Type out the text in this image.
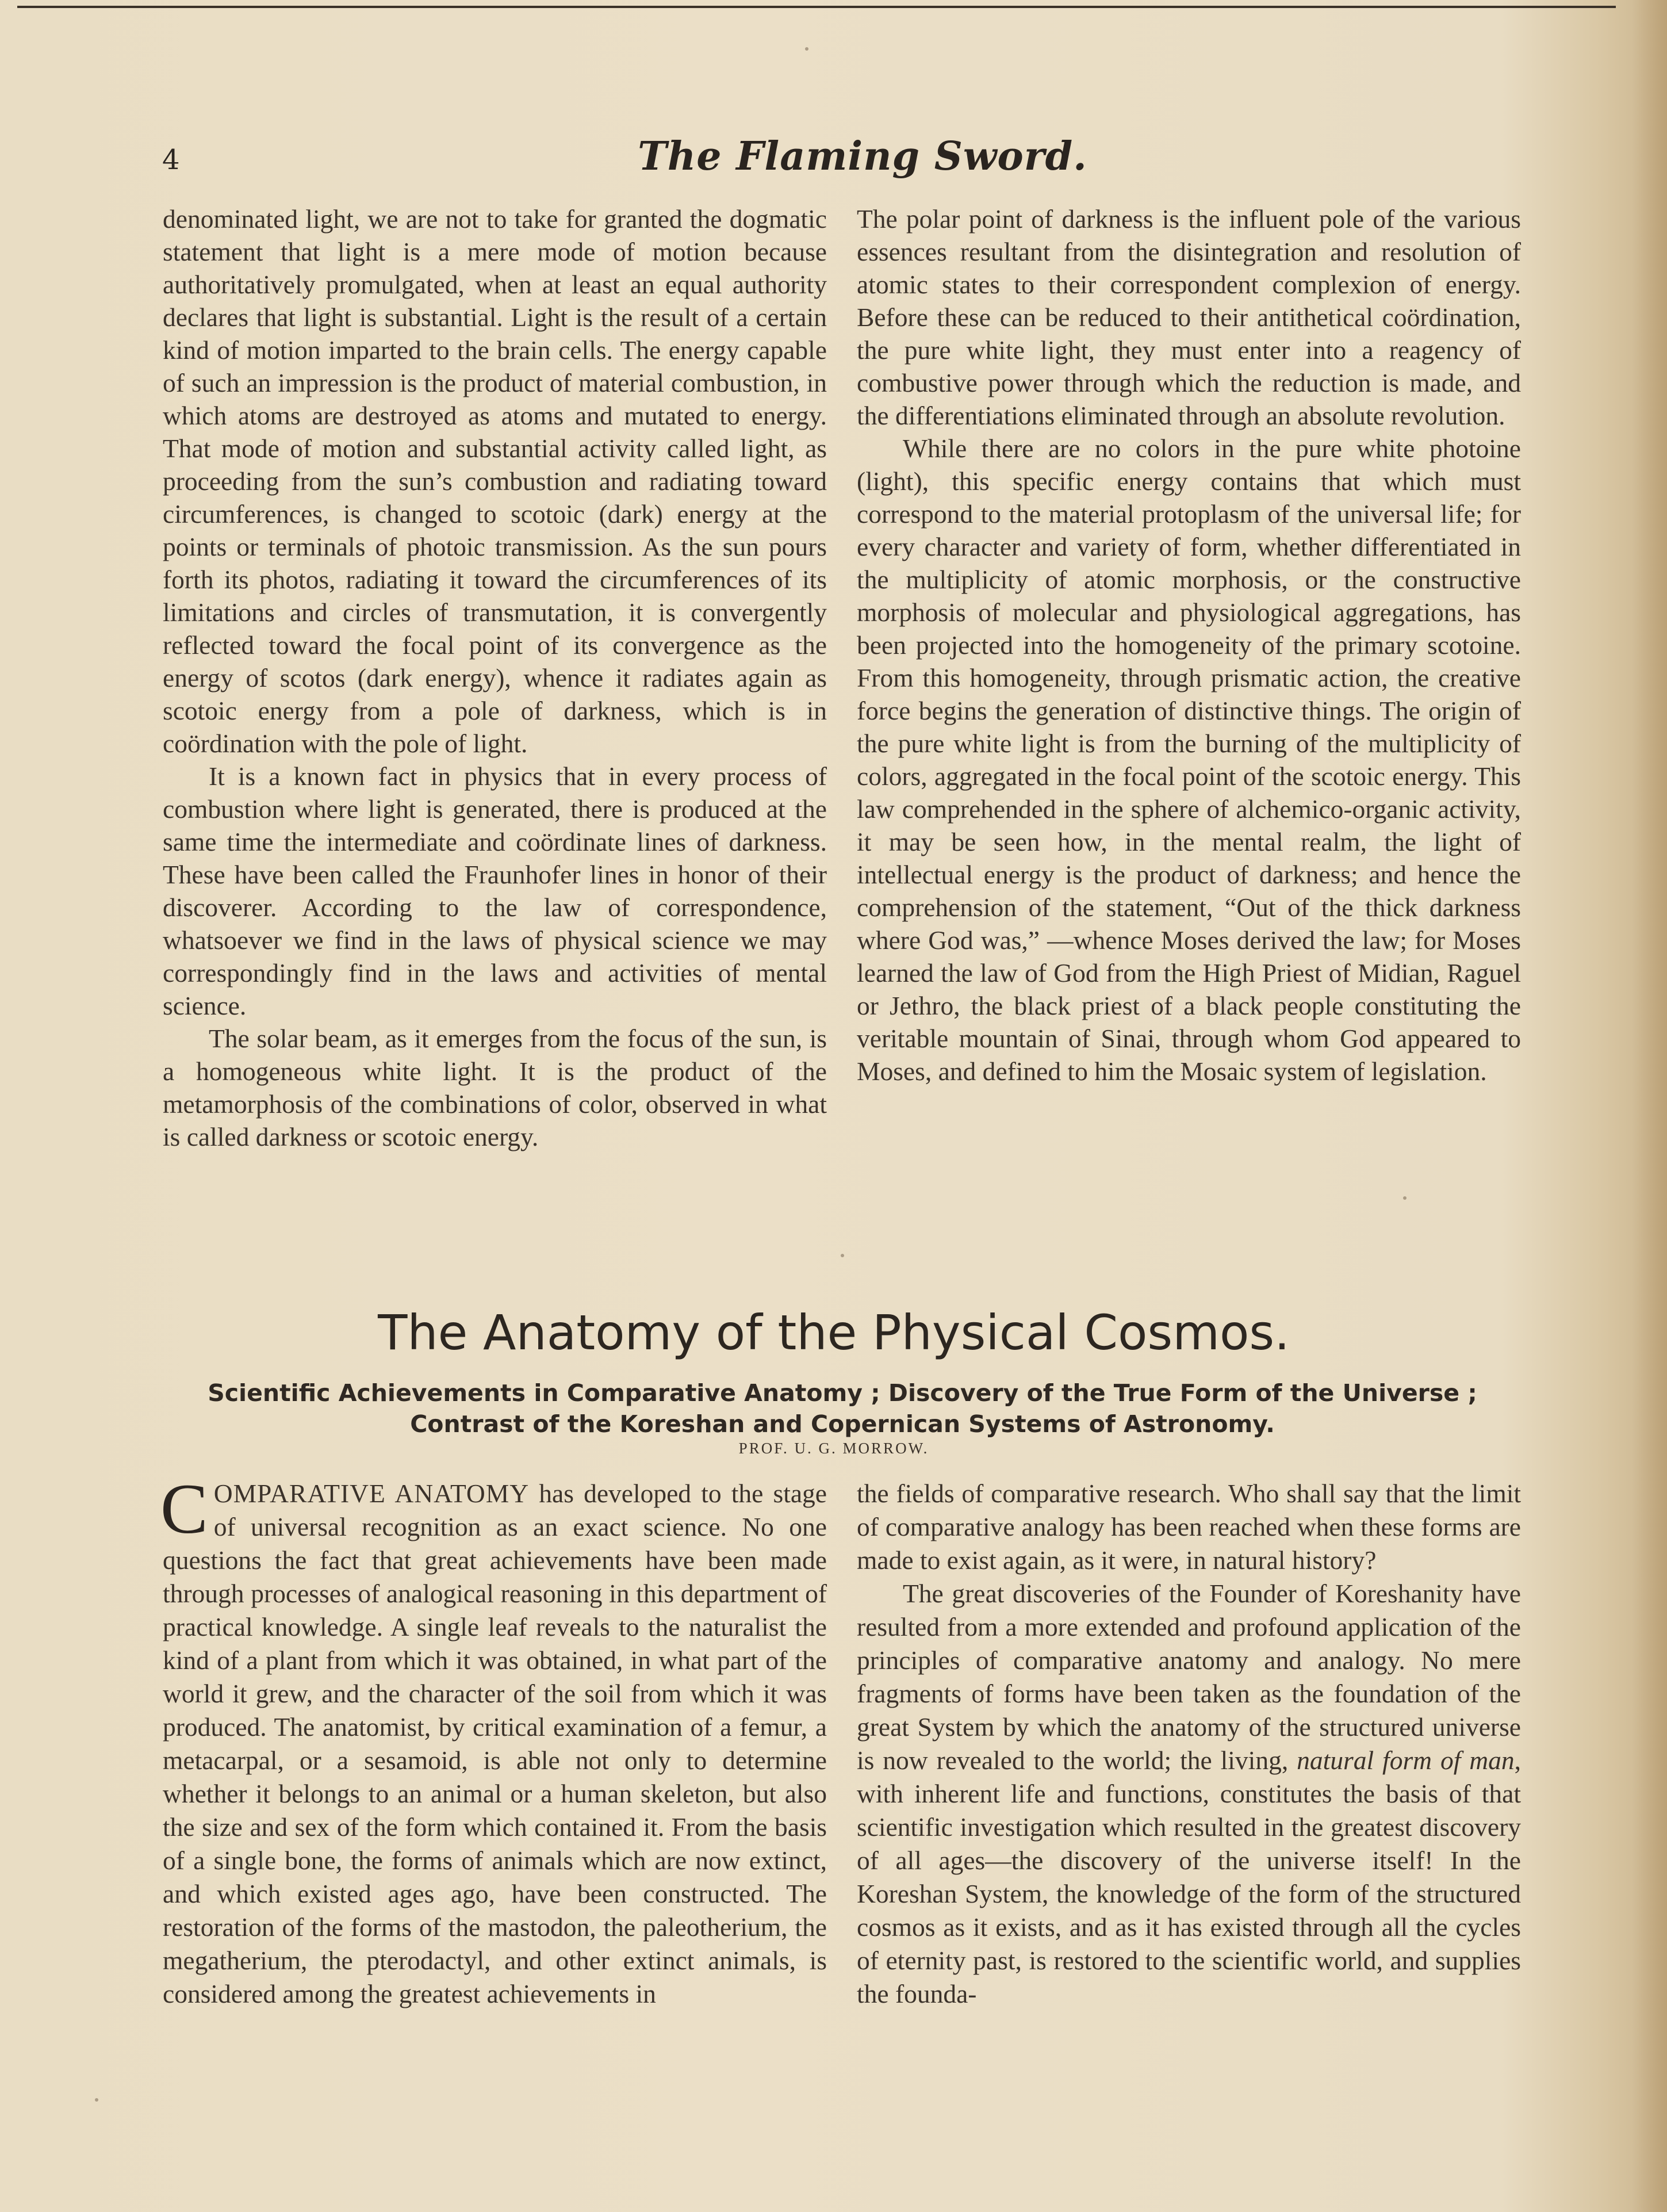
4	The Flaming Sword.

denominated light, we are not to take for granted the dogmatic statement that light is a mere mode of motion because authoritatively promulgated, when at least an equal authority declares that light is substantial. Light is the result of a certain kind of motion imparted to the brain cells. The energy capable of such an impression is the product of material combustion, in which atoms are destroyed as atoms and mutated to energy. That mode of motion and substantial activity called light, as proceeding from the sun’s combustion and radiating toward circumferences, is changed to scotoic (dark) energy at the points or terminals of photoic transmission. As the sun pours forth its photos, radiating it toward the circumferences of its limitations and circles of transmutation, it is convergently reflected toward the focal point of its convergence as the energy of scotos (dark energy), whence it radiates again as scotoic energy from a pole of darkness, which is in coördination with the pole of light.

It is a known fact in physics that in every process of combustion where light is generated, there is produced at the same time the intermediate and coördinate lines of darkness. These have been called the Fraunhofer lines in honor of their discoverer. According to the law of correspondence, whatsoever we find in the laws of physical science we may correspondingly find in the laws and activities of mental science.

The solar beam, as it emerges from the focus of the sun, is a homogeneous white light. It is the product of the metamorphosis of the combinations of color, observed in what is called darkness or scotoic energy.

The polar point of darkness is the influent pole of the various essences resultant from the disintegration and resolution of atomic states to their correspondent complexion of energy. Before these can be reduced to their antithetical coördination, the pure white light, they must enter into a reagency of combustive power through which the reduction is made, and the differentiations eliminated through an absolute revolution.

While there are no colors in the pure white photoine (light), this specific energy contains that which must correspond to the material protoplasm of the universal life; for every character and variety of form, whether differentiated in the multiplicity of atomic morphosis, or the constructive morphosis of molecular and physiological aggregations, has been projected into the homogeneity of the primary scotoine. From this homogeneity, through prismatic action, the creative force begins the generation of distinctive things. The origin of the pure white light is from the burning of the multiplicity of colors, aggregated in the focal point of the scotoic energy. This law comprehended in the sphere of alchemico-organic activity, it may be seen how, in the mental realm, the light of intellectual energy is the product of darkness; and hence the comprehension of the statement, “Out of the thick darkness where God was,” —whence Moses derived the law; for Moses learned the law of God from the High Priest of Midian, Raguel or Jethro, the black priest of a black people constituting the veritable mountain of Sinai, through whom God appeared to Moses, and defined to him the Mosaic system of legislation.

The Anatomy of the Physical Cosmos.
Scientific Achievements in Comparative Anatomy ; Discovery of the True Form of the Universe ; Contrast of the Koreshan and Copernican Systems of Astronomy.
PROF. U. G. MORROW.

COMPARATIVE ANATOMY has developed to the stage of universal recognition as an exact science. No one questions the fact that great achievements have been made through processes of analogical reasoning in this department of practical knowledge. A single leaf reveals to the naturalist the kind of a plant from which it was obtained, in what part of the world it grew, and the character of the soil from which it was produced. The anatomist, by critical examination of a femur, a metacarpal, or a sesamoid, is able not only to determine whether it belongs to an animal or a human skeleton, but also the size and sex of the form which contained it. From the basis of a single bone, the forms of animals which are now extinct, and which existed ages ago, have been constructed. The restoration of the forms of the mastodon, the paleotherium, the megatherium, the pterodactyl, and other extinct animals, is considered among the greatest achievements in

the fields of comparative research. Who shall say that the limit of comparative analogy has been reached when these forms are made to exist again, as it were, in natural history?

The great discoveries of the Founder of Koreshanity have resulted from a more extended and profound application of the principles of comparative anatomy and analogy. No mere fragments of forms have been taken as the foundation of the great System by which the anatomy of the structured universe is now revealed to the world; the living, natural form of man, with inherent life and functions, constitutes the basis of that scientific investigation which resulted in the greatest discovery of all ages—the discovery of the universe itself! In the Koreshan System, the knowledge of the form of the structured cosmos as it exists, and as it has existed through all the cycles of eternity past, is restored to the scientific world, and supplies the founda-
